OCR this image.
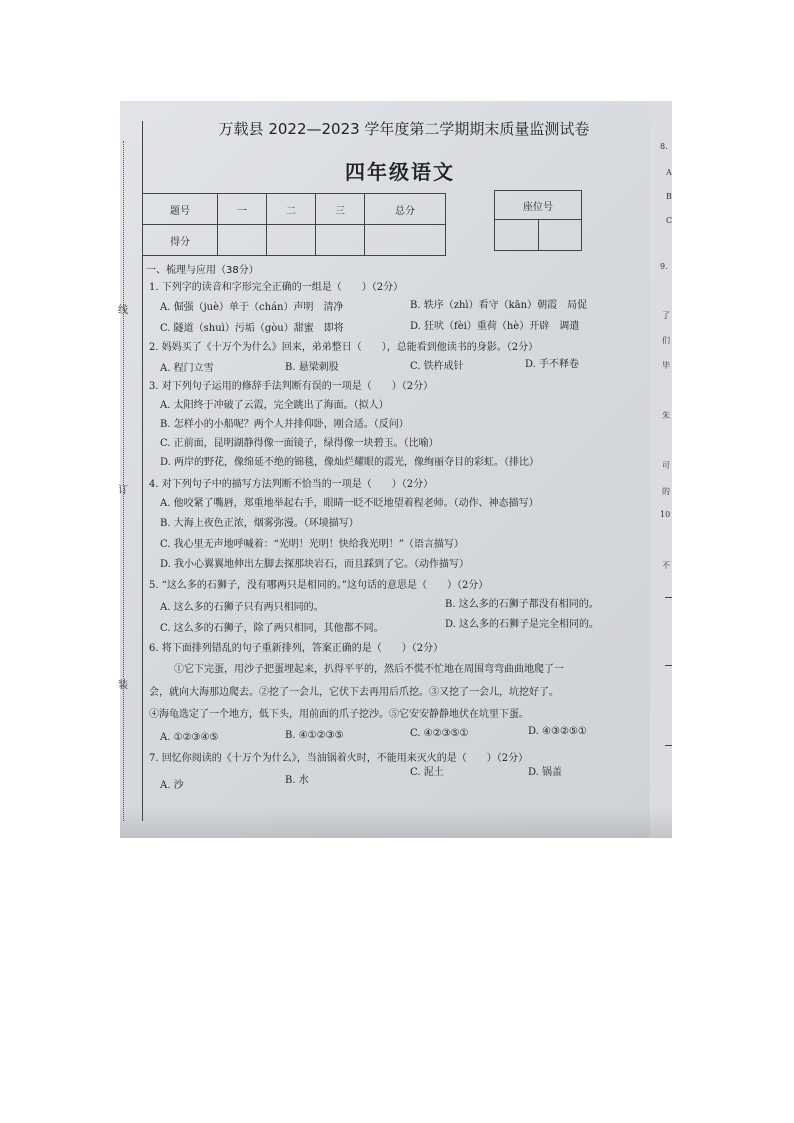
线
订
装
万载县 2022—2023 学年度第二学期期末质量监测试卷
四年级语文
题号	一	二	三	总分
得分				
座位号

一、梳理与应用（38分）
1. 下列字的读音和字形完全正确的一组是（　　）（2分）
A. 倔强（juè）单于（chán）声明　清净	B. 轶序（zhì）看守（kān）朝霞　局促
C. 隧道（shuì）污垢（gòu）甜蜜　即将	D. 狂吠（fèi）重荷（hè）开辟　调遣
2. 妈妈买了《十万个为什么》回来，弟弟整日（　　），总能看到他读书的身影。（2分）
A. 程门立雪	B. 悬梁刺股	C. 铁杵成针	D. 手不释卷
3. 对下列句子运用的修辞手法判断有误的一项是（　　）（2分）
A. 太阳终于冲破了云霞，完全跳出了海面。（拟人）
B. 怎样小的小船呢？两个人并排仰卧，刚合适。（反问）
C. 正前面，昆明湖静得像一面镜子，绿得像一块碧玉。（比喻）
D. 两岸的野花，像绵延不绝的锦毯，像灿烂耀眼的霞光，像绚丽夺目的彩虹。（排比）
4. 对下列句子中的描写方法判断不恰当的一项是（　　）（2分）
A. 他咬紧了嘴唇，郑重地举起右手，眼睛一眨不眨地望着程老师。（动作、神态描写）
B. 大海上夜色正浓，烟雾弥漫。（环境描写）
C. 我心里无声地呼喊着：“光明！光明！快给我光明！”（语言描写）
D. 我小心翼翼地伸出左脚去探那块岩石，而且踩到了它。（动作描写）
5. “这么多的石狮子，没有哪两只是相同的。”这句话的意思是（　　）（2分）
A. 这么多的石狮子只有两只相同的。	B. 这么多的石狮子都没有相同的。
C. 这么多的石狮子，除了两只相同，其他都不同。	D. 这么多的石狮子是完全相同的。
6. 将下面排列错乱的句子重新排列，答案正确的是（　　）（2分）
①它下完蛋，用沙子把蛋埋起来，扒得平平的，然后不慌不忙地在周围弯弯曲曲地爬了一
会，就向大海那边爬去。②挖了一会儿，它伏下去再用后爪挖。③又挖了一会儿，坑挖好了。
④海龟选定了一个地方，低下头，用前面的爪子挖沙。⑤它安安静静地伏在坑里下蛋。
A. ①②③④⑤	B. ④①②③⑤	C. ④②③⑤①	D. ④③②⑤①
7. 回忆你阅读的《十万个为什么》，当油锅着火时，不能用来灭火的是（　　）（2分）
A. 沙	B. 水
C. 泥土	D. 锅盖
8.
A
B
C
9.
了
们
毕
朱
可
的
10
不
